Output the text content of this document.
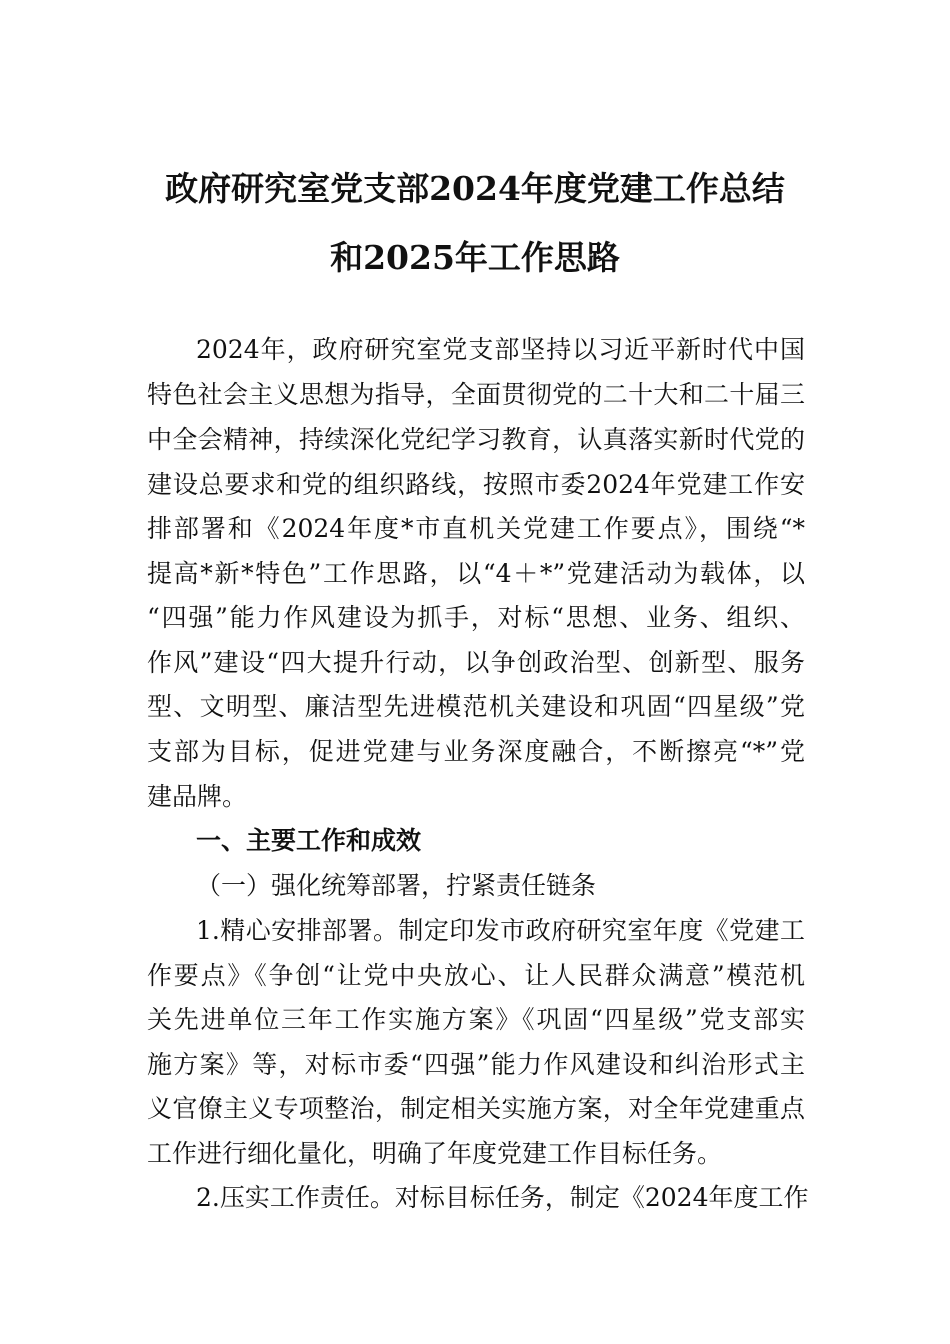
政府研究室党支部2024年度党建工作总结
和2025年工作思路
2024年，政府研究室党支部坚持以习近平新时代中国
特色社会主义思想为指导，全面贯彻党的二十大和二十届三
中全会精神，持续深化党纪学习教育，认真落实新时代党的
建设总要求和党的组织路线，按照市委2024年党建工作安
排部署和《2024年度*市直机关党建工作要点》，围绕“*
提高*新*特色”工作思路，以“4＋*”党建活动为载体，以
“四强”能力作风建设为抓手，对标“思想、业务、组织、
作风”建设“四大提升行动，以争创政治型、创新型、服务
型、文明型、廉洁型先进模范机关建设和巩固“四星级”党
支部为目标，促进党建与业务深度融合，不断擦亮“*”党
建品牌。
一、主要工作和成效
（一）强化统筹部署，拧紧责任链条
1.精心安排部署。制定印发市政府研究室年度《党建工
作要点》《争创“让党中央放心、让人民群众满意”模范机
关先进单位三年工作实施方案》《巩固“四星级”党支部实
施方案》等，对标市委“四强”能力作风建设和纠治形式主
义官僚主义专项整治，制定相关实施方案，对全年党建重点
工作进行细化量化，明确了年度党建工作目标任务。
2.压实工作责任。对标目标任务，制定《2024年度工作
